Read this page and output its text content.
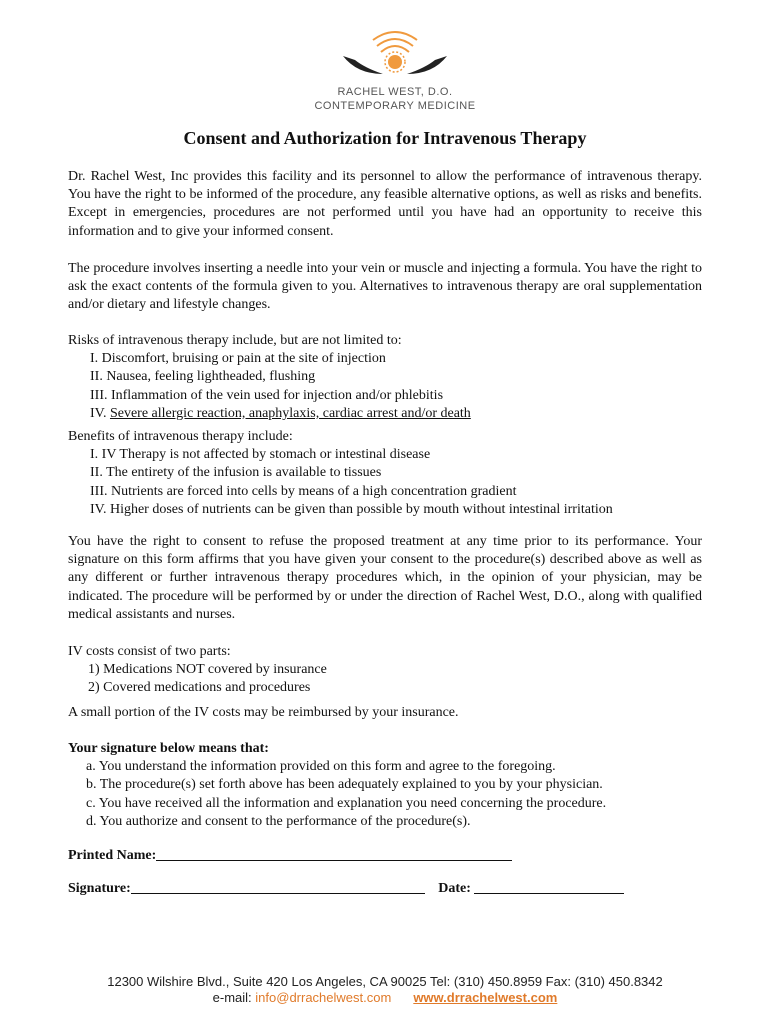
RACHEL WEST, D.O.
CONTEMPORARY MEDICINE
Consent and Authorization for Intravenous Therapy

Dr. Rachel West, Inc provides this facility and its personnel to allow the performance of intravenous therapy. You have the right to be informed of the procedure, any feasible alternative options, as well as risks and benefits. Except in emergencies, procedures are not performed until you have had an opportunity to receive this information and to give your informed consent.

The procedure involves inserting a needle into your vein or muscle and injecting a formula. You have the right to ask the exact contents of the formula given to you. Alternatives to intravenous therapy are oral supplementation and/or dietary and lifestyle changes.

Risks of intravenous therapy include, but are not limited to:

I. Discomfort, bruising or pain at the site of injection

II. Nausea, feeling lightheaded, flushing

III. Inflammation of the vein used for injection and/or phlebitis

IV. Severe allergic reaction, anaphylaxis, cardiac arrest and/or death

Benefits of intravenous therapy include:

I. IV Therapy is not affected by stomach or intestinal disease

II. The entirety of the infusion is available to tissues

III. Nutrients are forced into cells by means of a high concentration gradient

IV. Higher doses of nutrients can be given than possible by mouth without intestinal irritation

You have the right to consent to refuse the proposed treatment at any time prior to its performance. Your signature on this form affirms that you have given your consent to the procedure(s) described above as well as any different or further intravenous therapy procedures which, in the opinion of your physician, may be indicated. The procedure will be performed by or under the direction of Rachel West, D.O., along with qualified medical assistants and nurses.

IV costs consist of two parts:

1) Medications NOT covered by insurance

2) Covered medications and procedures

A small portion of the IV costs may be reimbursed by your insurance.

Your signature below means that:

a. You understand the information provided on this form and agree to the foregoing.

b. The procedure(s) set forth above has been adequately explained to you by your physician.

c. You have received all the information and explanation you need concerning the procedure.

d. You authorize and consent to the performance of the procedure(s).

Printed Name:
Signature:	Date:
12300 Wilshire Blvd., Suite 420 Los Angeles, CA 90025 Tel: (310) 450.8959 Fax: (310) 450.8342
e-mail: info@drrachelwest.com www.drrachelwest.com
